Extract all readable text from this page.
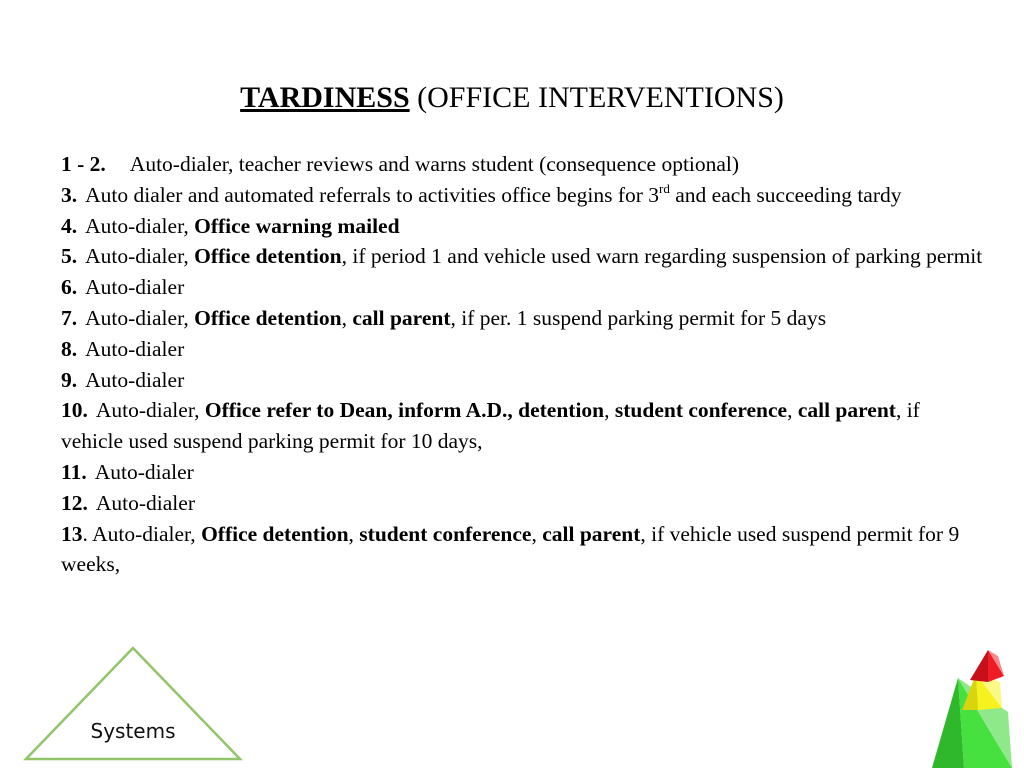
TARDINESS (OFFICE INTERVENTIONS)
1 - 2. Auto-dialer, teacher reviews and warns student (consequence optional)
3. Auto dialer and automated referrals to activities office begins for 3rd and each succeeding tardy
4. Auto-dialer, Office warning mailed
5. Auto-dialer, Office detention, if period 1 and vehicle used warn regarding suspension of parking permit
6. Auto-dialer
7. Auto-dialer, Office detention, call parent, if per. 1 suspend parking permit for 5 days
8. Auto-dialer
9. Auto-dialer
10. Auto-dialer, Office refer to Dean, inform A.D., detention, student conference, call parent, if vehicle used suspend parking permit for 10 days,
11. Auto-dialer
12. Auto-dialer
13. Auto-dialer, Office detention, student conference, call parent, if vehicle used suspend permit for 9 weeks,
Systems
